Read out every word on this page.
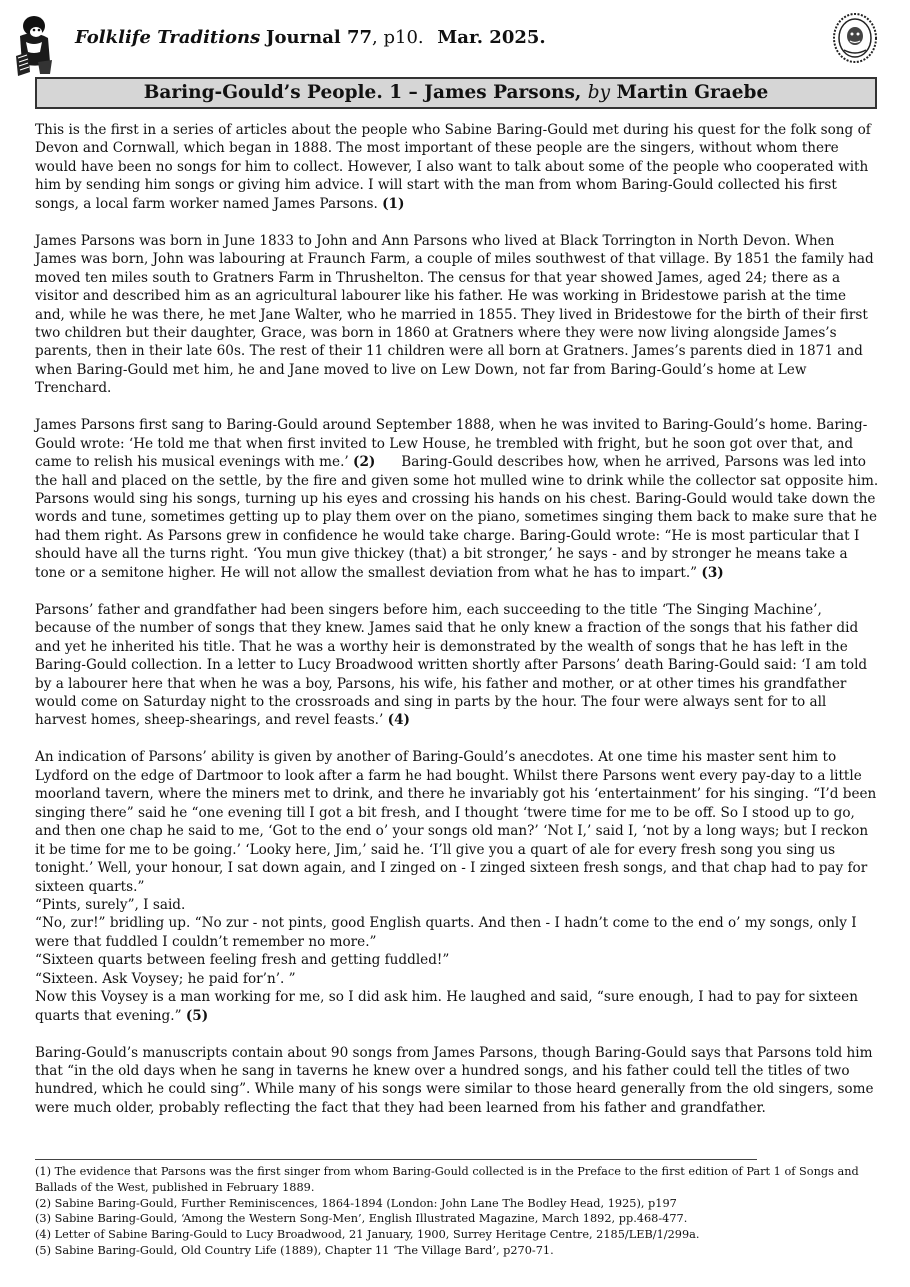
Folklife Traditions Journal 77, p10. Mar. 2025.
Baring-Gould’s People. 1 – James Parsons, by Martin Graebe

This is the first in a series of articles about the people who Sabine Baring-Gould met during his quest for the folk song of Devon and Cornwall, which began in 1888. The most important of these people are the singers, without whom there would have been no songs for him to collect. However, I also want to talk about some of the people who cooperated with him by sending him songs or giving him advice. I will start with the man from whom Baring-Gould collected his first songs, a local farm worker named James Parsons. (1)

James Parsons was born in June 1833 to John and Ann Parsons who lived at Black Torrington in North Devon. When James was born, John was labouring at Fraunch Farm, a couple of miles southwest of that village. By 1851 the family had moved ten miles south to Gratners Farm in Thrushelton. The census for that year showed James, aged 24; there as a visitor and described him as an agricultural labourer like his father. He was working in Bridestowe parish at the time and, while he was there, he met Jane Walter, who he married in 1855. They lived in Bridestowe for the birth of their first two children but their daughter, Grace, was born in 1860 at Gratners where they were now living alongside James’s parents, then in their late 60s. The rest of their 11 children were all born at Gratners. James’s parents died in 1871 and when Baring-Gould met him, he and Jane moved to live on Lew Down, not far from Baring-Gould’s home at Lew Trenchard.

James Parsons first sang to Baring-Gould around September 1888, when he was invited to Baring-Gould’s home. Baring-Gould wrote: ‘He told me that when first invited to Lew House, he trembled with fright, but he soon got over that, and came to relish his musical evenings with me.’ (2)      Baring-Gould describes how, when he arrived, Parsons was led into the hall and placed on the settle, by the fire and given some hot mulled wine to drink while the collector sat opposite him. Parsons would sing his songs, turning up his eyes and crossing his hands on his chest. Baring-Gould would take down the words and tune, sometimes getting up to play them over on the piano, sometimes singing them back to make sure that he had them right. As Parsons grew in confidence he would take charge. Baring-Gould wrote: “He is most particular that I should have all the turns right. ‘You mun give thickey (that) a bit stronger,’ he says - and by stronger he means take a tone or a semitone higher. He will not allow the smallest deviation from what he has to impart.” (3)

Parsons’ father and grandfather had been singers before him, each succeeding to the title ‘The Singing Machine’, because of the number of songs that they knew. James said that he only knew a fraction of the songs that his father did and yet he inherited his title. That he was a worthy heir is demonstrated by the wealth of songs that he has left in the Baring-Gould collection. In a letter to Lucy Broadwood written shortly after Parsons’ death Baring-Gould said: ‘I am told by a labourer here that when he was a boy, Parsons, his wife, his father and mother, or at other times his grandfather would come on Saturday night to the crossroads and sing in parts by the hour. The four were always sent for to all harvest homes, sheep-shearings, and revel feasts.’ (4)

An indication of Parsons’ ability is given by another of Baring-Gould’s anecdotes. At one time his master sent him to Lydford on the edge of Dartmoor to look after a farm he had bought. Whilst there Parsons went every pay-day to a little moorland tavern, where the miners met to drink, and there he invariably got his ‘entertainment’ for his singing. “I’d been singing there” said he “one evening till I got a bit fresh, and I thought ‘twere time for me to be off. So I stood up to go, and then one chap he said to me, ‘Got to the end o’ your songs old man?’ ‘Not I,’ said I, ‘not by a long ways; but I reckon it be time for me to be going.’ ‘Looky here, Jim,’ said he. ‘I’ll give you a quart of ale for every fresh song you sing us tonight.’ Well, your honour, I sat down again, and I zinged on - I zinged sixteen fresh songs, and that chap had to pay for sixteen quarts.”

“Pints, surely”, I said.

“No, zur!” bridling up. “No zur - not pints, good English quarts. And then - I hadn’t come to the end o’ my songs, only I were that fuddled I couldn’t remember no more.”

“Sixteen quarts between feeling fresh and getting fuddled!”

“Sixteen. Ask Voysey; he paid for’n’. ”

Now this Voysey is a man working for me, so I did ask him. He laughed and said, “sure enough, I had to pay for sixteen quarts that evening.” (5)

Baring-Gould’s manuscripts contain about 90 songs from James Parsons, though Baring-Gould says that Parsons told him that “in the old days when he sang in taverns he knew over a hundred songs, and his father could tell the titles of two hundred, which he could sing”. While many of his songs were similar to those heard generally from the old singers, some were much older, probably reflecting the fact that they had been learned from his father and grandfather.

(1) The evidence that Parsons was the first singer from whom Baring-Gould collected is in the Preface to the first edition of Part 1 of Songs and Ballads of the West, published in February 1889.
(2) Sabine Baring-Gould, Further Reminiscences, 1864-1894 (London: John Lane The Bodley Head, 1925), p197
(3) Sabine Baring-Gould, ‘Among the Western Song-Men’, English Illustrated Magazine, March 1892, pp.468-477.
(4) Letter of Sabine Baring-Gould to Lucy Broadwood, 21 January, 1900, Surrey Heritage Centre, 2185/LEB/1/299a.
(5) Sabine Baring-Gould, Old Country Life (1889), Chapter 11 ‘The Village Bard’, p270-71.
